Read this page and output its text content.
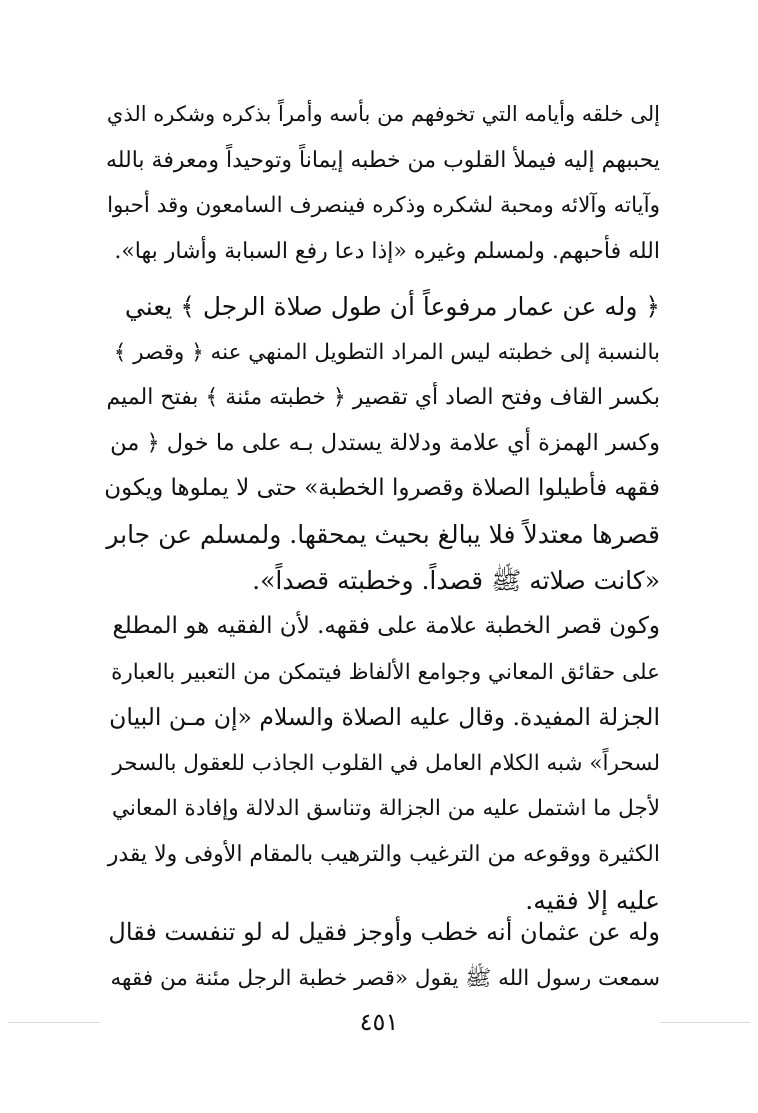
إلى خلقه وأيامه التي تخوفهم من بأسه وأمراً بذكره وشكره الذي
يحببهم إليه فيملأ القلوب من خطبه إيماناً وتوحيداً ومعرفة بالله
وآياته وآلائه ومحبة لشكره وذكره فينصرف السامعون وقد أحبوا
الله فأحبهم. ولمسلم وغيره «إذا دعا رفع السبابة وأشار بها».
﴿ وله عن عمار مرفوعاً أن طول صلاة الرجل ﴾ يعني
بالنسبة إلى خطبته ليس المراد التطويل المنهي عنه ﴿ وقصر ﴾
بكسر القاف وفتح الصاد أي تقصير ﴿ خطبته مئنة ﴾ بفتح الميم
وكسر الهمزة أي علامة ودلالة يستدل بـه على ما خول ﴿ من
فقهه فأطيلوا الصلاة وقصروا الخطبة» حتى لا يملوها ويكون
قصرها معتدلاً فلا يبالغ بحيث يمحقها. ولمسلم عن جابر
«كانت صلاته ﷺ قصداً. وخطبته قصداً».
وكون قصر الخطبة علامة على فقهه. لأن الفقيه هو المطلع
على حقائق المعاني وجوامع الألفاظ فيتمكن من التعبير بالعبارة
الجزلة المفيدة. وقال عليه الصلاة والسلام «إن مـن البيان
لسحراً» شبه الكلام العامل في القلوب الجاذب للعقول بالسحر
لأجل ما اشتمل عليه من الجزالة وتناسق الدلالة وإفادة المعاني
الكثيرة ووقوعه من الترغيب والترهيب بالمقام الأوفى ولا يقدر
عليه إلا فقيه.
وله عن عثمان أنه خطب وأوجز فقيل له لو تنفست فقال
سمعت رسول الله ﷺ يقول «قصر خطبة الرجل مئنة من فقهه
٤٥١
